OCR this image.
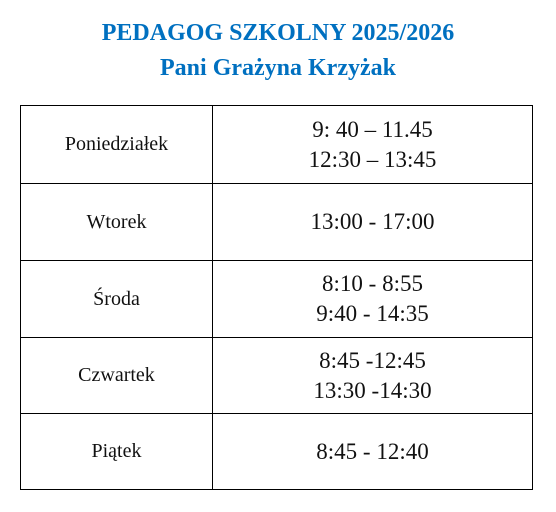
PEDAGOG SZKOLNY 2025/2026
Pani Grażyna Krzyżak
Poniedziałek	9: 40 – 11.45
12:30 – 13:45

Wtorek	13:00 - 17:00

Środa	8:10 - 8:55
9:40 - 14:35

Czwartek	8:45 -12:45
13:30 -14:30

Piątek	8:45 - 12:40
